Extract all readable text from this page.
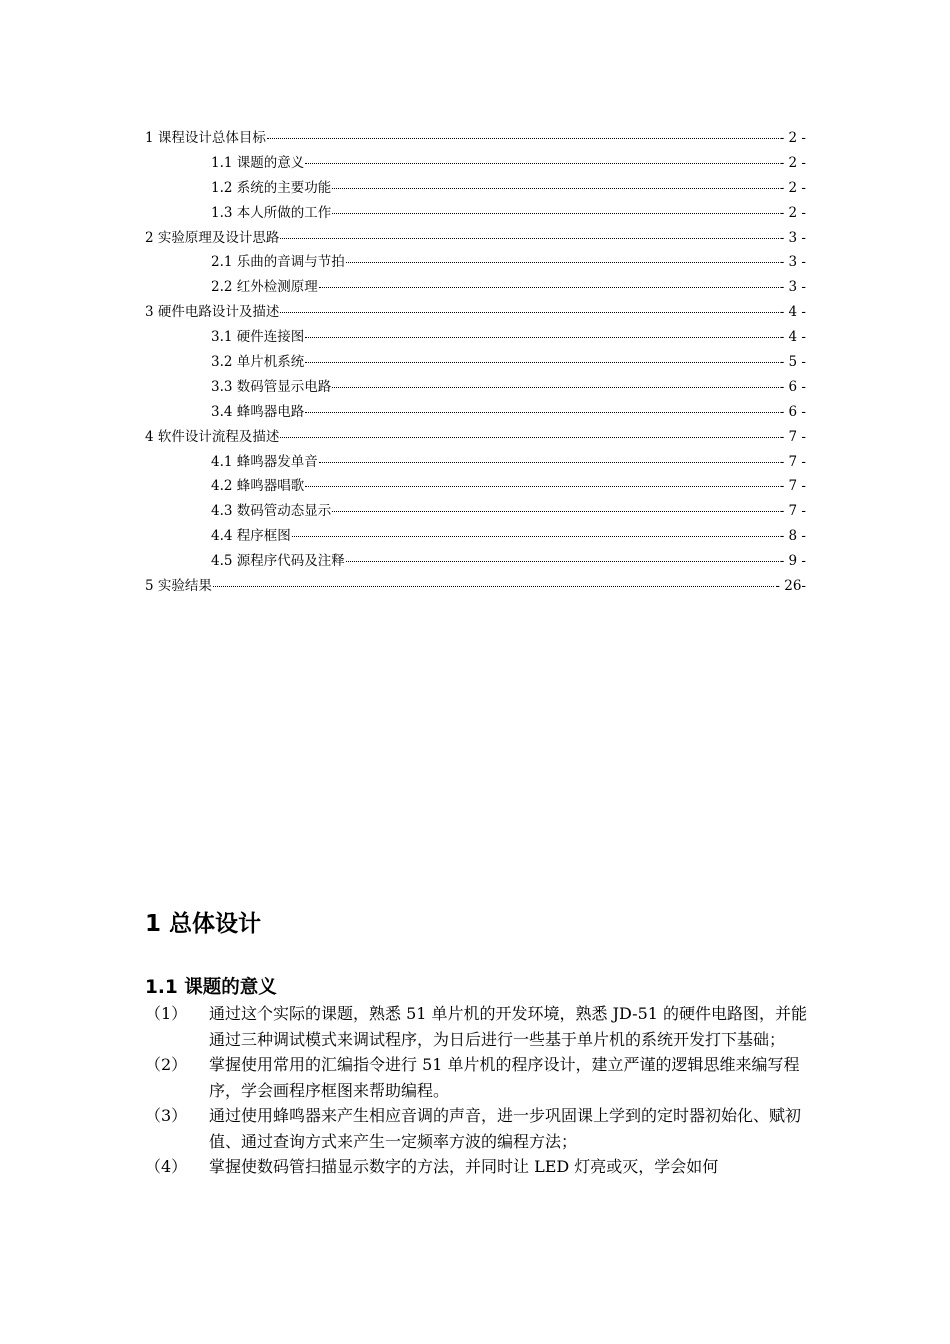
1 课程设计总体目标	- 2 -
1.1 课题的意义	- 2 -
1.2 系统的主要功能	- 2 -
1.3 本人所做的工作	- 2 -
2 实验原理及设计思路	- 3 -
2.1 乐曲的音调与节拍	- 3 -
2.2 红外检测原理	- 3 -
3 硬件电路设计及描述	- 4 -
3.1 硬件连接图	- 4 -
3.2 单片机系统	- 5 -
3.3 数码管显示电路	- 6 -
3.4 蜂鸣器电路	- 6 -
4 软件设计流程及描述	- 7 -
4.1 蜂鸣器发单音	- 7 -
4.2 蜂鸣器唱歌	- 7 -
4.3 数码管动态显示	- 7 -
4.4 程序框图	- 8 -
4.5 源程序代码及注释	- 9 -
5 实验结果	- 26-
1 总体设计
1.1 课题的意义
（1）	通过这个实际的课题，熟悉 51 单片机的开发环境，熟悉 JD-51 的硬件电路图，并能通过三种调试模式来调试程序，为日后进行一些基于单片机的系统开发打下基础；
（2）	掌握使用常用的汇编指令进行 51 单片机的程序设计，建立严谨的逻辑思维来编写程序，学会画程序框图来帮助编程。
（3）	通过使用蜂鸣器来产生相应音调的声音，进一步巩固课上学到的定时器初始化、赋初值、通过查询方式来产生一定频率方波的编程方法；
（4）	掌握使数码管扫描显示数字的方法，并同时让 LED 灯亮或灭，学会如何
